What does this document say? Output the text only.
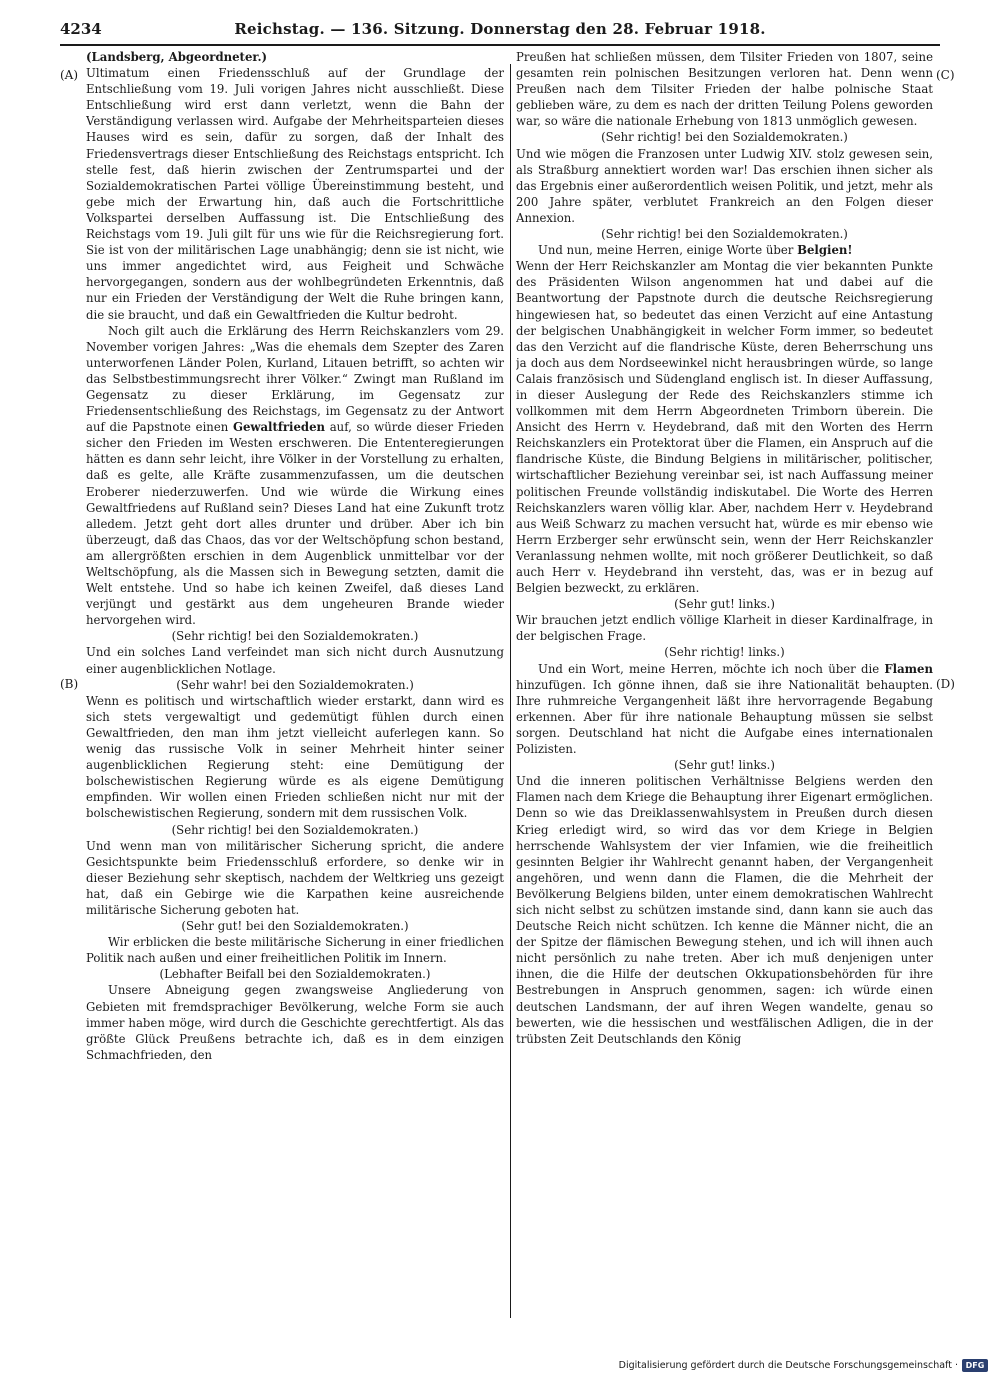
4234	Reichstag. — 136. Sitzung. Donnerstag den 28. Februar 1918.
(A)
(B)
(C)
(D)

(Landsberg, Abgeordneter.)

Ultimatum einen Friedensschluß auf der Grundlage der Entschließung vom 19. Juli vorigen Jahres nicht ausschließt. Diese Entschließung wird erst dann verletzt, wenn die Bahn der Verständigung verlassen wird. Aufgabe der Mehrheitsparteien dieses Hauses wird es sein, dafür zu sorgen, daß der Inhalt des Friedensvertrags dieser Entschließung des Reichstags entspricht. Ich stelle fest, daß hierin zwischen der Zentrumspartei und der Sozialdemokratischen Partei völlige Übereinstimmung besteht, und gebe mich der Erwartung hin, daß auch die Fortschrittliche Volkspartei derselben Auffassung ist. Die Entschließung des Reichstags vom 19. Juli gilt für uns wie für die Reichsregierung fort. Sie ist von der militärischen Lage unabhängig; denn sie ist nicht, wie uns immer angedichtet wird, aus Feigheit und Schwäche hervorgegangen, sondern aus der wohlbegründeten Erkenntnis, daß nur ein Frieden der Verständigung der Welt die Ruhe bringen kann, die sie braucht, und daß ein Gewaltfrieden die Kultur bedroht.

Noch gilt auch die Erklärung des Herrn Reichskanzlers vom 29. November vorigen Jahres: „Was die ehemals dem Szepter des Zaren unterworfenen Länder Polen, Kurland, Litauen betrifft, so achten wir das Selbstbestimmungsrecht ihrer Völker.“ Zwingt man Rußland im Gegensatz zu dieser Erklärung, im Gegensatz zur Friedensentschließung des Reichstags, im Gegensatz zu der Antwort auf die Papstnote einen Gewaltfrieden auf, so würde dieser Frieden sicher den Frieden im Westen erschweren. Die Ententeregierungen hätten es dann sehr leicht, ihre Völker in der Vorstellung zu erhalten, daß es gelte, alle Kräfte zusammenzufassen, um die deutschen Eroberer niederzuwerfen. Und wie würde die Wirkung eines Gewaltfriedens auf Rußland sein? Dieses Land hat eine Zukunft trotz alledem. Jetzt geht dort alles drunter und drüber. Aber ich bin überzeugt, daß das Chaos, das vor der Weltschöpfung schon bestand, am allergrößten erschien in dem Augenblick unmittelbar vor der Weltschöpfung, als die Massen sich in Bewegung setzten, damit die Welt entstehe. Und so habe ich keinen Zweifel, daß dieses Land verjüngt und gestärkt aus dem ungeheuren Brande wieder hervorgehen wird.

(Sehr richtig! bei den Sozialdemokraten.)

Und ein solches Land verfeindet man sich nicht durch Ausnutzung einer augenblicklichen Notlage.

(Sehr wahr! bei den Sozialdemokraten.)

Wenn es politisch und wirtschaftlich wieder erstarkt, dann wird es sich stets vergewaltigt und gedemütigt fühlen durch einen Gewaltfrieden, den man ihm jetzt vielleicht auferlegen kann. So wenig das russische Volk in seiner Mehrheit hinter seiner augenblicklichen Regierung steht: eine Demütigung der bolschewistischen Regierung würde es als eigene Demütigung empfinden. Wir wollen einen Frieden schließen nicht nur mit der bolschewistischen Regierung, sondern mit dem russischen Volk.

(Sehr richtig! bei den Sozialdemokraten.)

Und wenn man von militärischer Sicherung spricht, die andere Gesichtspunkte beim Friedensschluß erfordere, so denke wir in dieser Beziehung sehr skeptisch, nachdem der Weltkrieg uns gezeigt hat, daß ein Gebirge wie die Karpathen keine ausreichende militärische Sicherung geboten hat.

(Sehr gut! bei den Sozialdemokraten.)

Wir erblicken die beste militärische Sicherung in einer friedlichen Politik nach außen und einer freiheitlichen Politik im Innern.

(Lebhafter Beifall bei den Sozialdemokraten.)

Unsere Abneigung gegen zwangsweise Angliederung von Gebieten mit fremdsprachiger Bevölkerung, welche Form sie auch immer haben möge, wird durch die Geschichte gerechtfertigt. Als das größte Glück Preußens betrachte ich, daß es in dem einzigen Schmachfrieden, den

Preußen hat schließen müssen, dem Tilsiter Frieden von 1807, seine gesamten rein polnischen Besitzungen verloren hat. Denn wenn Preußen nach dem Tilsiter Frieden der halbe polnische Staat geblieben wäre, zu dem es nach der dritten Teilung Polens geworden war, so wäre die nationale Erhebung von 1813 unmöglich gewesen.

(Sehr richtig! bei den Sozialdemokraten.)

Und wie mögen die Franzosen unter Ludwig XIV. stolz gewesen sein, als Straßburg annektiert worden war! Das erschien ihnen sicher als das Ergebnis einer außerordentlich weisen Politik, und jetzt, mehr als 200 Jahre später, verblutet Frankreich an den Folgen dieser Annexion.

(Sehr richtig! bei den Sozialdemokraten.)

Und nun, meine Herren, einige Worte über Belgien!

Wenn der Herr Reichskanzler am Montag die vier bekannten Punkte des Präsidenten Wilson angenommen hat und dabei auf die Beantwortung der Papstnote durch die deutsche Reichsregierung hingewiesen hat, so bedeutet das einen Verzicht auf eine Antastung der belgischen Unabhängigkeit in welcher Form immer, so bedeutet das den Verzicht auf die flandrische Küste, deren Beherrschung uns ja doch aus dem Nordseewinkel nicht herausbringen würde, so lange Calais französisch und Südengland englisch ist. In dieser Auffassung, in dieser Auslegung der Rede des Reichskanzlers stimme ich vollkommen mit dem Herrn Abgeordneten Trimborn überein. Die Ansicht des Herrn v. Heydebrand, daß mit den Worten des Herrn Reichskanzlers ein Protektorat über die Flamen, ein Anspruch auf die flandrische Küste, die Bindung Belgiens in militärischer, politischer, wirtschaftlicher Beziehung vereinbar sei, ist nach Auffassung meiner politischen Freunde vollständig indiskutabel. Die Worte des Herren Reichskanzlers waren völlig klar. Aber, nachdem Herr v. Heydebrand aus Weiß Schwarz zu machen versucht hat, würde es mir ebenso wie Herrn Erzberger sehr erwünscht sein, wenn der Herr Reichskanzler Veranlassung nehmen wollte, mit noch größerer Deutlichkeit, so daß auch Herr v. Heydebrand ihn versteht, das, was er in bezug auf Belgien bezweckt, zu erklären.

(Sehr gut! links.)

Wir brauchen jetzt endlich völlige Klarheit in dieser Kardinalfrage, in der belgischen Frage.

(Sehr richtig! links.)

Und ein Wort, meine Herren, möchte ich noch über die Flamen hinzufügen. Ich gönne ihnen, daß sie ihre Nationalität behaupten. Ihre ruhmreiche Vergangenheit läßt ihre hervorragende Begabung erkennen. Aber für ihre nationale Behauptung müssen sie selbst sorgen. Deutschland hat nicht die Aufgabe eines internationalen Polizisten.

(Sehr gut! links.)

Und die inneren politischen Verhältnisse Belgiens werden den Flamen nach dem Kriege die Behauptung ihrer Eigenart ermöglichen. Denn so wie das Dreiklassenwahlsystem in Preußen durch diesen Krieg erledigt wird, so wird das vor dem Kriege in Belgien herrschende Wahlsystem der vier Infamien, wie die freiheitlich gesinnten Belgier ihr Wahlrecht genannt haben, der Vergangenheit angehören, und wenn dann die Flamen, die die Mehrheit der Bevölkerung Belgiens bilden, unter einem demokratischen Wahlrecht sich nicht selbst zu schützen imstande sind, dann kann sie auch das Deutsche Reich nicht schützen. Ich kenne die Männer nicht, die an der Spitze der flämischen Bewegung stehen, und ich will ihnen auch nicht persönlich zu nahe treten. Aber ich muß denjenigen unter ihnen, die die Hilfe der deutschen Okkupationsbehörden für ihre Bestrebungen in Anspruch genommen, sagen: ich würde einen deutschen Landsmann, der auf ihren Wegen wandelte, genau so bewerten, wie die hessischen und westfälischen Adligen, die in der trübsten Zeit Deutschlands den König

Digitalisierung gefördert durch die Deutsche Forschungsgemeinschaft · DFG
